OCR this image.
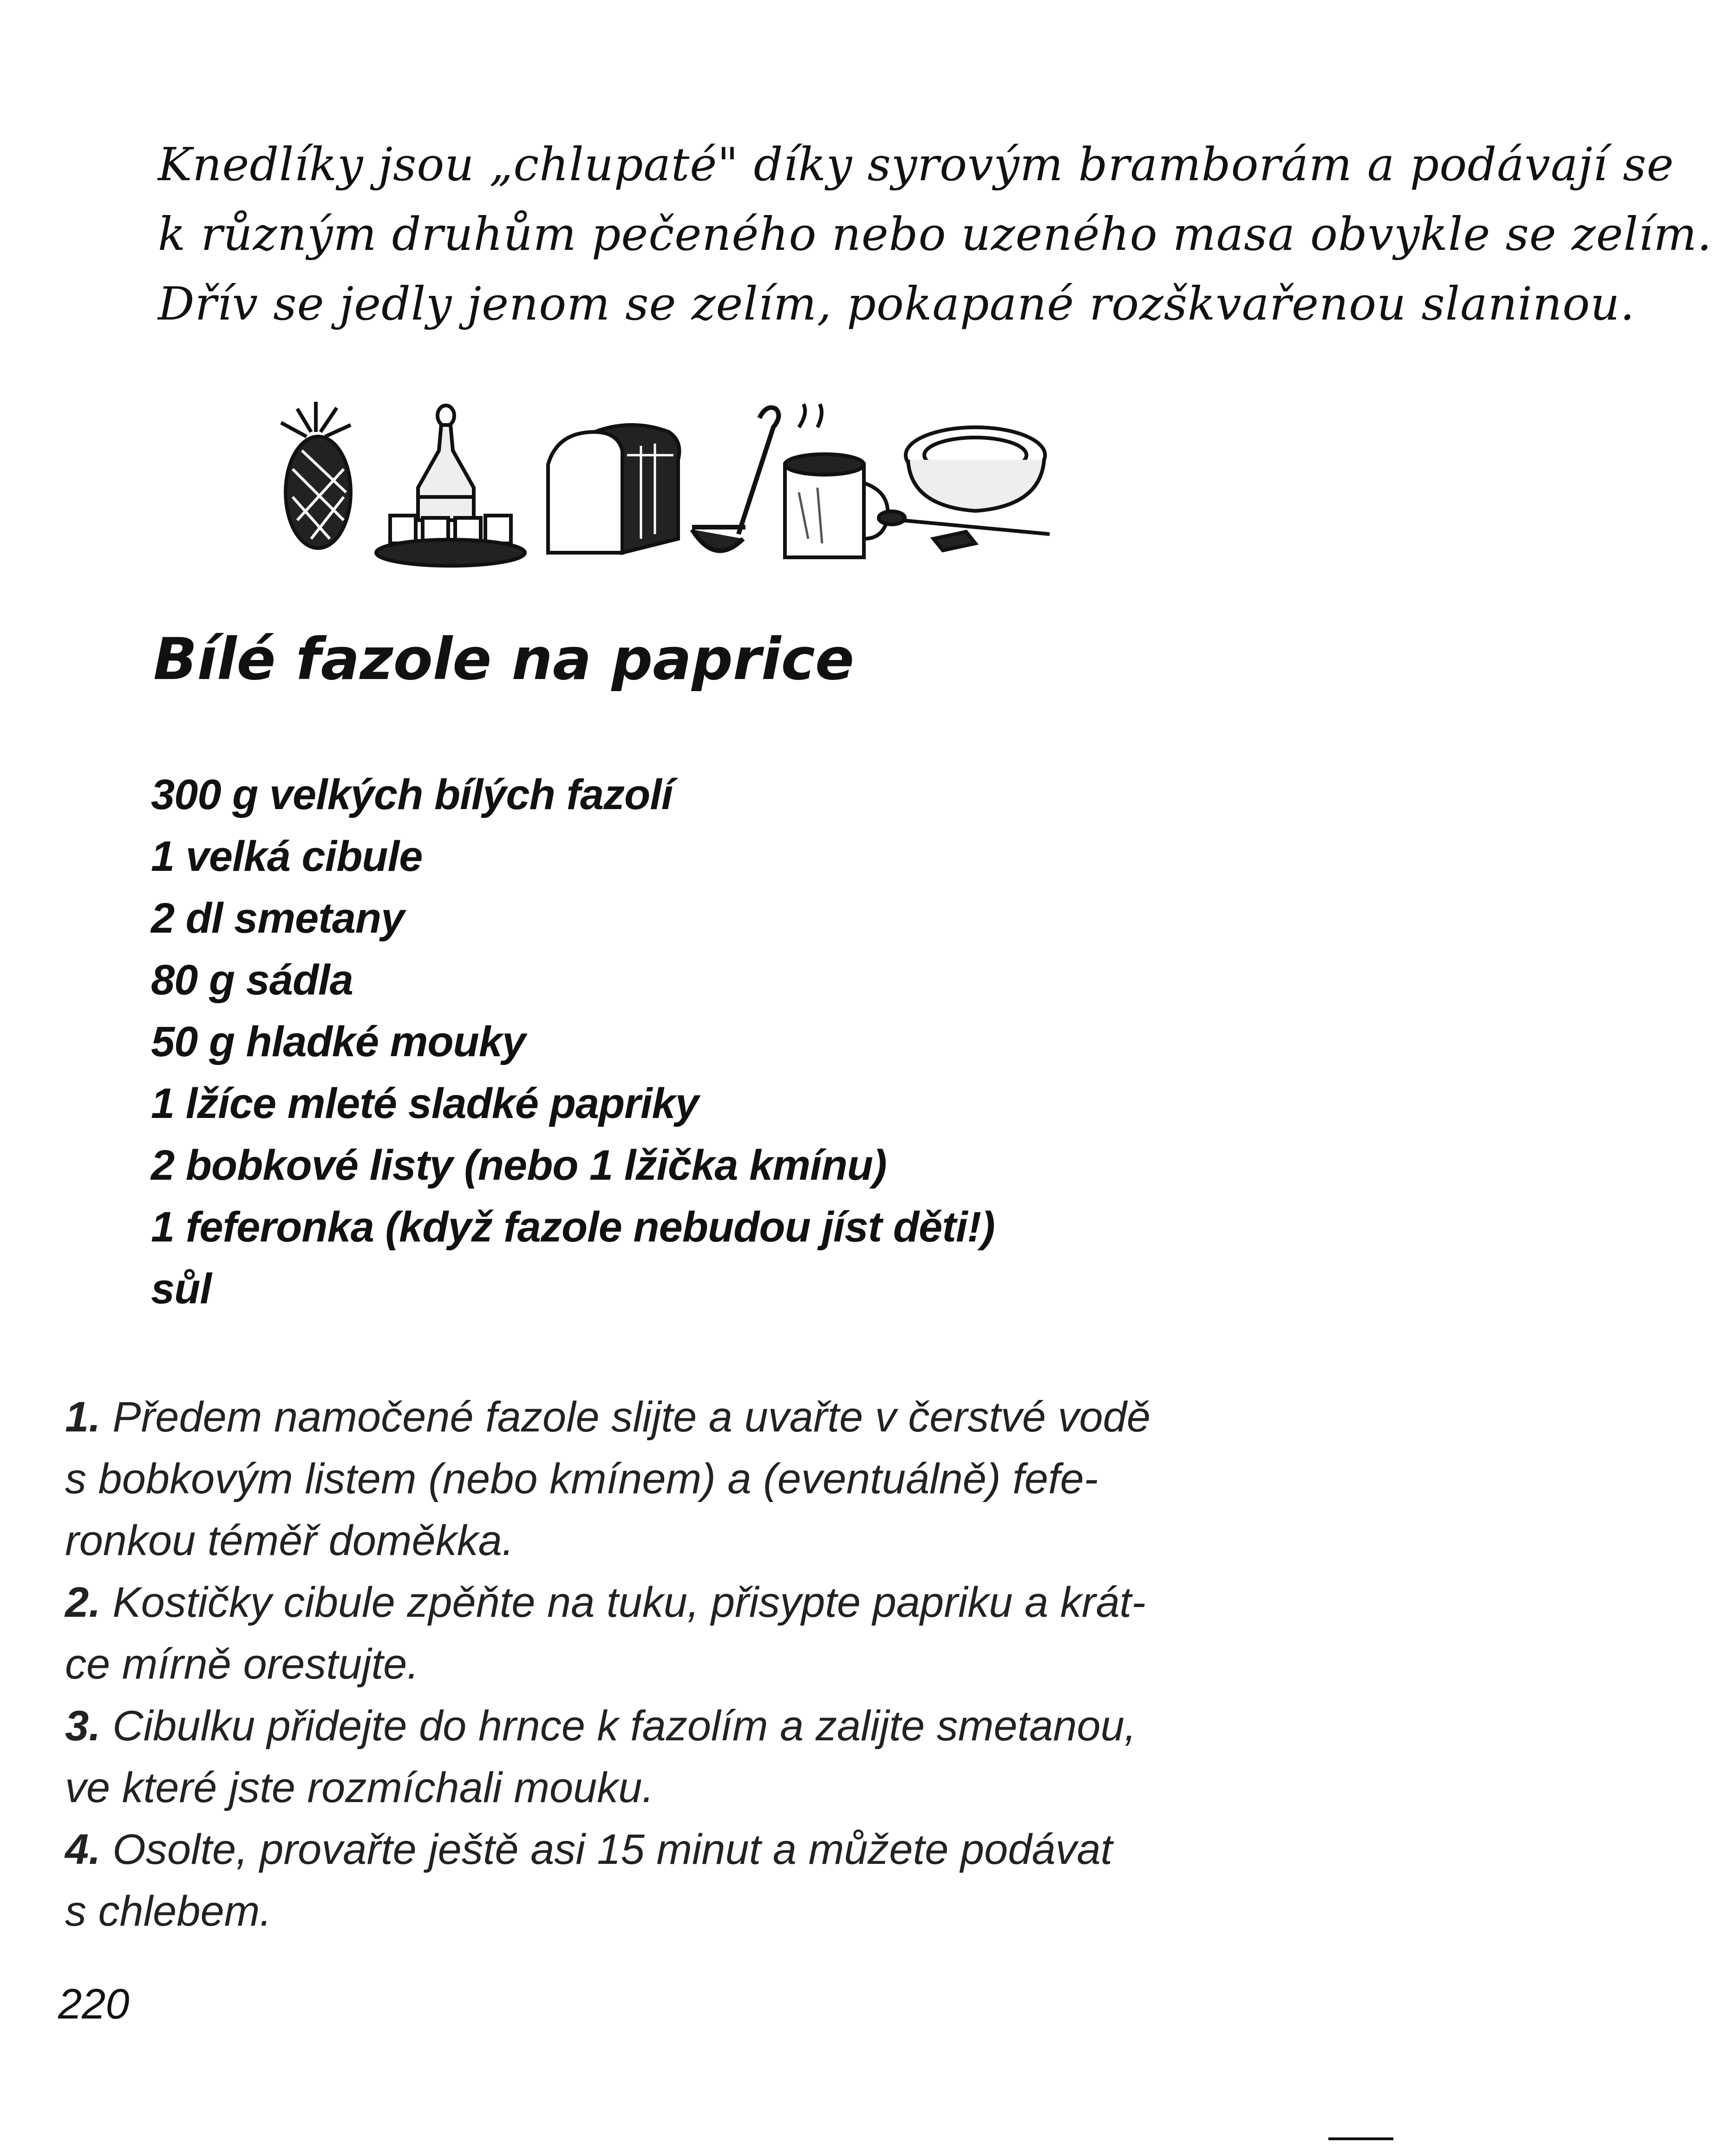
Knedlíky jsou „chlupaté" díky syrovým bramborám a podávají se
k různým druhům pečeného nebo uzeného masa obvykle se zelím.
Dřív se jedly jenom se zelím, pokapané rozškvařenou slaninou.
Bílé fazole na paprice
300 g velkých bílých fazolí
1 velká cibule
2 dl smetany
80 g sádla
50 g hladké mouky
1 lžíce mleté sladké papriky
2 bobkové listy (nebo 1 lžička kmínu)
1 feferonka (když fazole nebudou jíst děti!)
sůl
1. Předem namočené fazole slijte a uvařte v čerstvé vodě
s bobkovým listem (nebo kmínem) a (eventuálně) fefe-
ronkou téměř doměkka.
2. Kostičky cibule zpěňte na tuku, přisypte papriku a krát-
ce mírně orestujte.
3. Cibulku přidejte do hrnce k fazolím a zalijte smetanou,
ve které jste rozmíchali mouku.
4. Osolte, provařte ještě asi 15 minut a můžete podávat
s chlebem.
220
